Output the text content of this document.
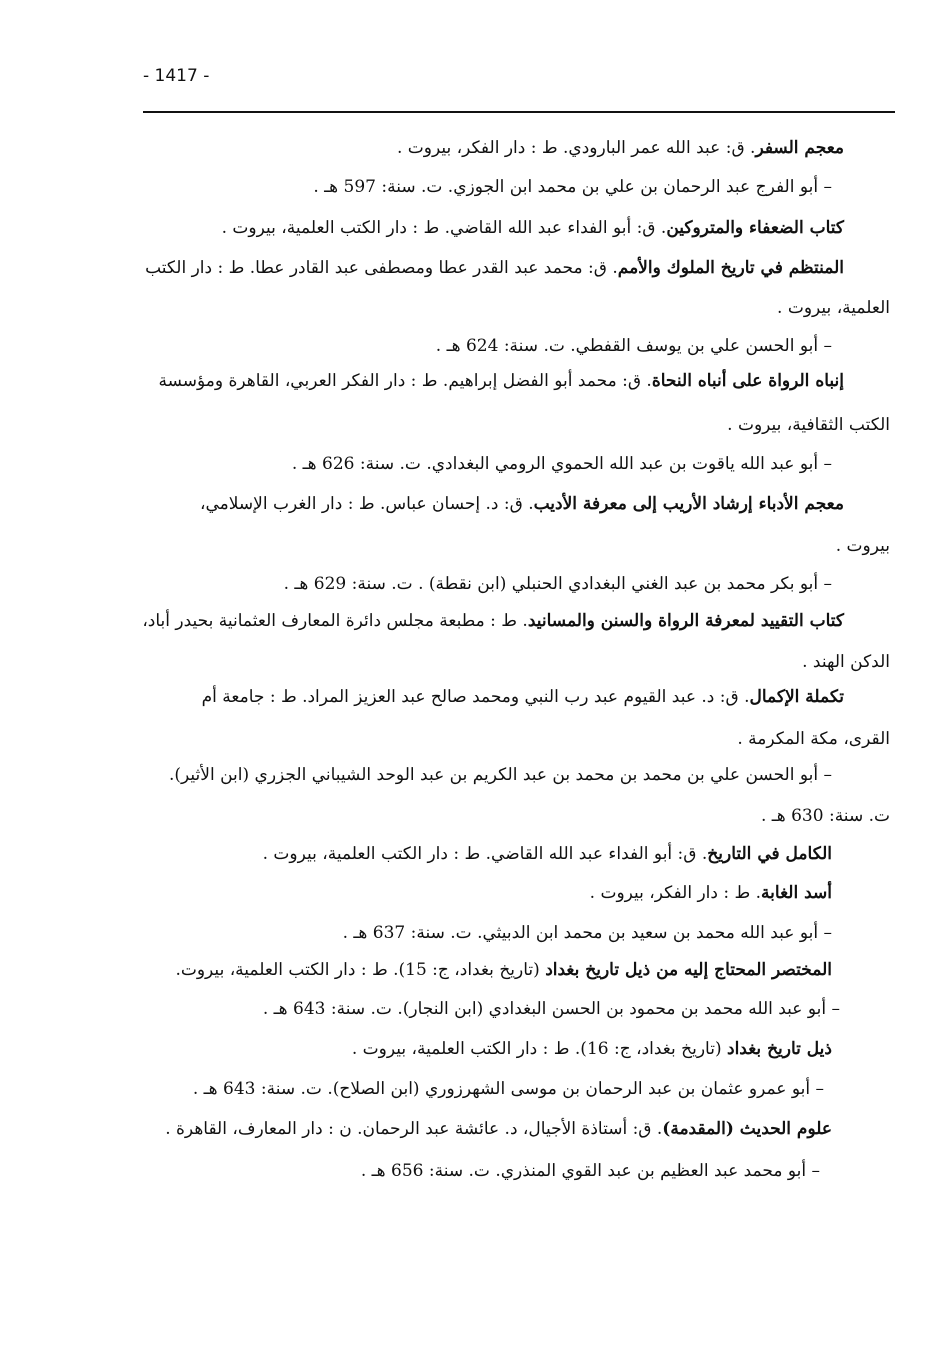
- 1417 -

معجم السفر. ق: عبد الله عمر البارودي. ط : دار الفكر، بيروت .

– أبو الفرج عبد الرحمان بن علي بن محمد ابن الجوزي. ت. سنة: 597 هـ .

كتاب الضعفاء والمتروكين. ق: أبو الفداء عبد الله القاضي. ط : دار الكتب العلمية، بيروت .

المنتظم في تاريخ الملوك والأمم. ق: محمد عبد القدر عطا ومصطفى عبد القادر عطا. ط : دار الكتب

العلمية، بيروت .

– أبو الحسن علي بن يوسف القفطي. ت. سنة: 624 هـ .

إنباه الرواة على أنباه النحاة. ق: محمد أبو الفضل إبراهيم. ط : دار الفكر العربي، القاهرة ومؤسسة

الكتب الثقافية، بيروت .

– أبو عبد الله ياقوت بن عبد الله الحموي الرومي البغدادي. ت. سنة: 626 هـ .

معجم الأدباء إرشاد الأريب إلى معرفة الأديب. ق: د. إحسان عباس. ط : دار الغرب الإسلامي،

بيروت .

– أبو بكر محمد بن عبد الغني البغدادي الحنبلي (ابن نقطة) . ت. سنة: 629 هـ .

كتاب التقييد لمعرفة الرواة والسنن والمسانيد. ط : مطبعة مجلس دائرة المعارف العثمانية بحيدر أباد،

الدكن الهند .

تكملة الإكمال. ق: د. عبد القيوم عبد رب النبي ومحمد صالح عبد العزيز المراد. ط : جامعة أم

القرى، مكة المكرمة .

– أبو الحسن علي بن محمد بن محمد بن عبد الكريم بن عبد الوحد الشيباني الجزري (ابن الأثير).

ت. سنة: 630 هـ .

الكامل في التاريخ. ق: أبو الفداء عبد الله القاضي. ط : دار الكتب العلمية، بيروت .

أسد الغابة. ط : دار الفكر، بيروت .

– أبو عبد الله محمد بن سعيد بن محمد ابن الدبيثي. ت. سنة: 637 هـ .

المختصر المحتاج إليه من ذيل تاريخ بغداد (تاريخ بغداد، ج: 15). ط : دار الكتب العلمية، بيروت.

– أبو عبد الله محمد بن محمود بن الحسن البغدادي (ابن النجار). ت. سنة: 643 هـ .

ذيل تاريخ بغداد (تاريخ بغداد، ج: 16). ط : دار الكتب العلمية، بيروت .

– أبو عمرو عثمان بن عبد الرحمان بن موسى الشهرزوري (ابن الصلاح). ت. سنة: 643 هـ .

علوم الحديث (المقدمة). ق: أستاذة الأجيال، د. عائشة عبد الرحمان. ن : دار المعارف، القاهرة .

– أبو محمد عبد العظيم بن عبد القوي المنذري. ت. سنة: 656 هـ .
